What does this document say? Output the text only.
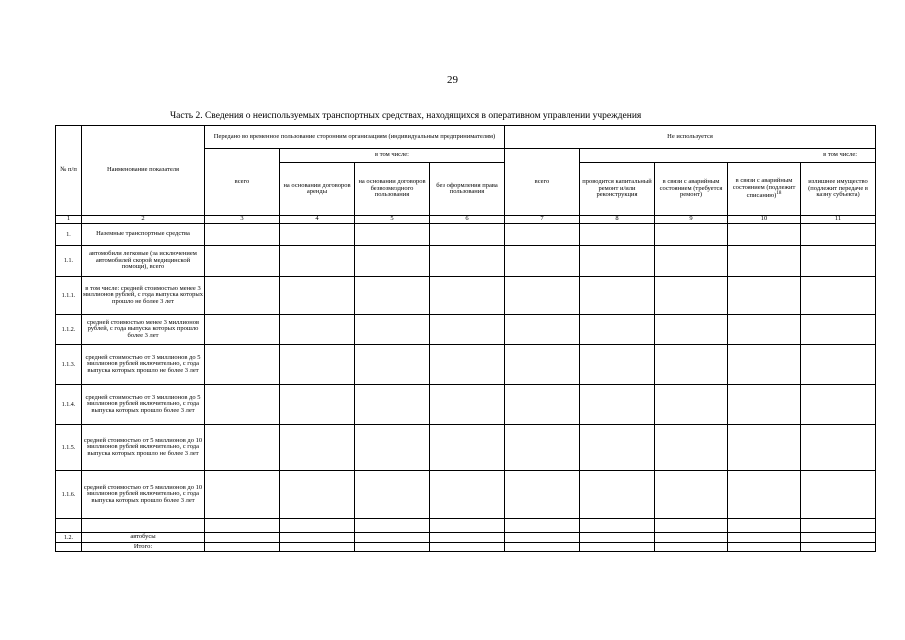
29
Часть 2. Сведения о неиспользуемых транспортных средствах, находящихся в оперативном управлении учреждения
№ п/п	Наименование показателя	Передано во временное пользование сторонним организациям (индивидуальным предпринимателям)				Не используется				
		всего	в том числе:			всего	в том числе:			
			на основании договоров аренды	на основании договоров безвозмездного пользования	без оформления права пользования		проводится капитальный ремонт и/или реконструкция	в связи с аварийным состоянием (требуется ремонт)	в связи с аварийным состоянием (подлежит списанию)$^{18}$	излишнее имущество (подлежит передаче в казну субъекта)
1	2	3	4	5	6	7	8	9	10	11
1.	Наземные транспортные средства									
1.1.	автомобили легковые (за исключением автомобилей скорой медицинской помощи), всего									
1.1.1.	в том числе: средней стоимостью менее 3 миллионов рублей, с года выпуска которых прошло не более 3 лет									
1.1.2.	средней стоимостью менее 3 миллионов рублей, с года выпуска которых прошло более 3 лет									
1.1.3.	средней стоимостью от 3 миллионов до 5 миллионов рублей включительно, с года выпуска которых прошло не более 3 лет									
1.1.4.	средней стоимостью от 3 миллионов до 5 миллионов рублей включительно, с года выпуска которых прошло более 3 лет									
1.1.5.	средней стоимостью от 5 миллионов до 10 миллионов рублей включительно, с года выпуска которых прошло не более 3 лет									
1.1.6.	средней стоимостью от 5 миллионов до 10 миллионов рублей включительно, с года выпуска которых прошло более 3 лет									

1.2.	автобусы									
	Итого:									
